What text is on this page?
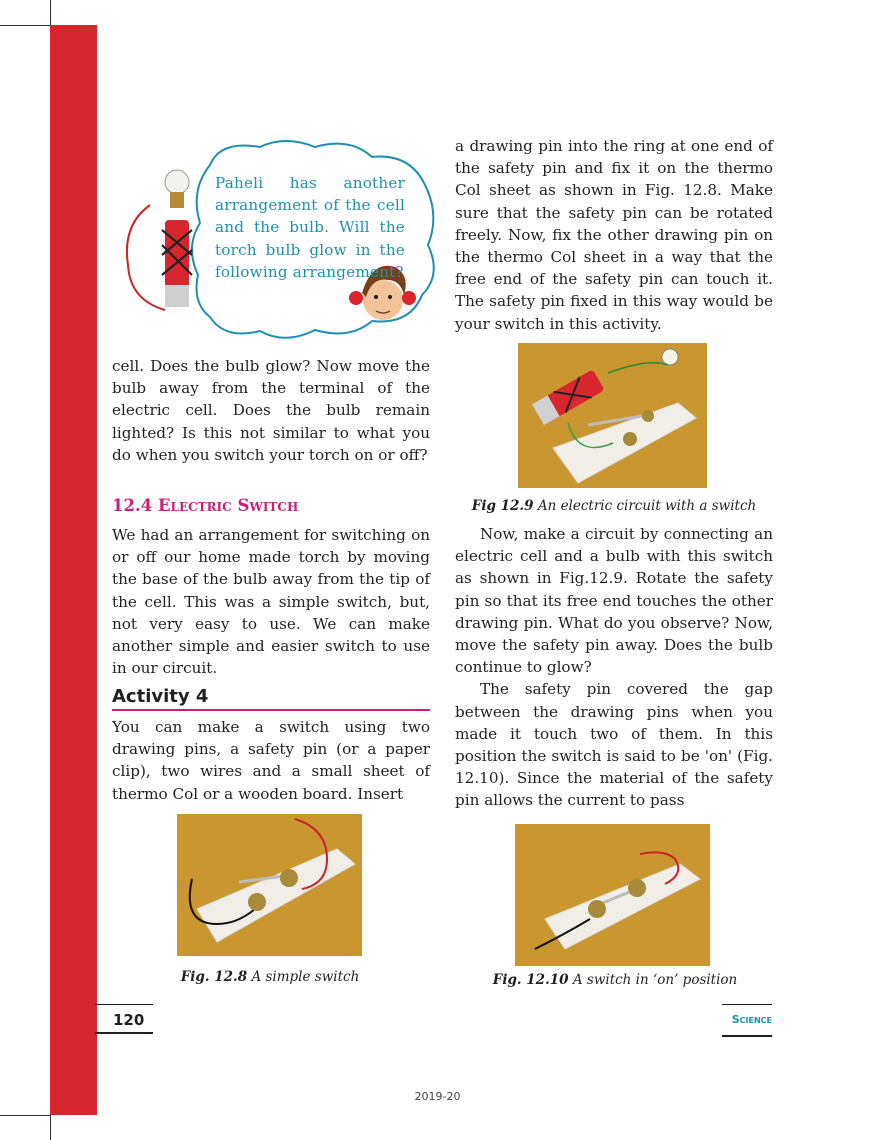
Paheli has another arrangement of the cell and the bulb. Will the torch bulb glow in the following arrangement?

cell. Does the bulb glow? Now move the bulb away from the terminal of the electric cell. Does the bulb remain lighted? Is this not similar to what you do when you switch your torch on or off?

12.4 Electric Switch

We had an arrangement for switching on or off our home made torch by moving the base of the bulb away from the tip of the cell. This was a simple switch, but, not very easy to use. We can make another simple and easier switch to use in our circuit.

Activity 4

You can make a switch using two drawing pins, a safety pin (or a paper clip), two wires and a small sheet of thermo Col or a wooden board. Insert

a drawing pin into the ring at one end of the safety pin and fix it on the thermo Col sheet as shown in Fig. 12.8. Make sure that the safety pin can be rotated freely. Now, fix the other drawing pin on the thermo Col sheet in a way that the free end of the safety pin can touch it. The safety pin fixed in this way would be your switch in this activity.

Fig 12.9 An electric circuit with a switch

Now, make a circuit by connecting an electric cell and a bulb with this switch as shown in Fig.12.9. Rotate the safety pin so that its free end touches the other drawing pin. What do you observe? Now, move the safety pin away. Does the bulb continue to glow?

The safety pin covered the gap between the drawing pins when you made it touch two of them. In this position the switch is said to be 'on' (Fig. 12.10). Since the material of the safety pin allows the current to pass

Fig. 12.8 A simple switch	Fig. 12.10 A switch in ‘on’ position
120	Science
2019-20
